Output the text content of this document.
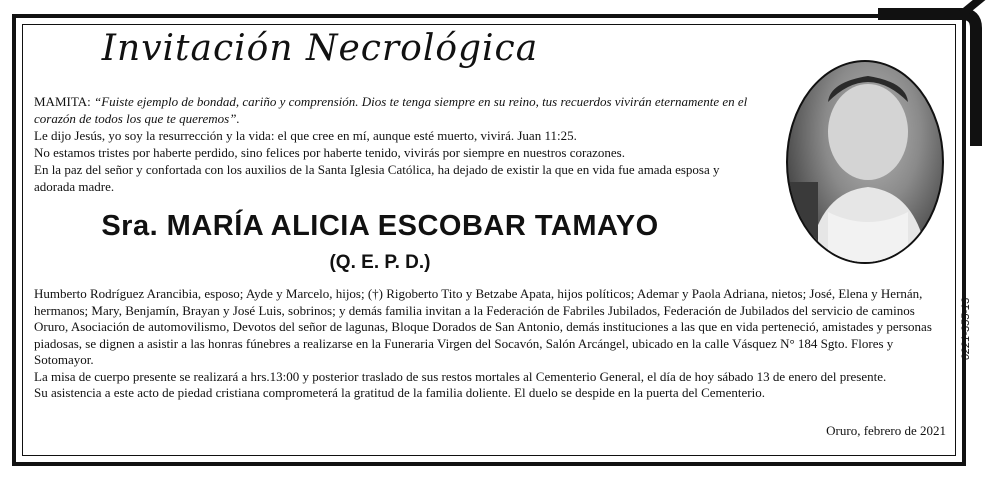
Invitación Necrológica

MAMITA: “Fuiste ejemplo de bondad, cariño y comprensión. Dios te tenga siempre en su reino, tus recuerdos vivirán eternamente en el corazón de todos los que te queremos”.

Le dijo Jesús, yo soy la resurrección y la vida: el que cree en mí, aunque esté muerto, vivirá. Juan 11:25.

No estamos tristes por haberte perdido, sino felices por haberte tenido, vivirás por siempre en nuestros corazones.

En la paz del señor y confortada con los auxilios de la Santa Iglesia Católica, ha dejado de existir la que en vida fue amada esposa y adorada madre.

Sra. MARÍA ALICIA ESCOBAR TAMAYO
(Q. E. P. D.)

Humberto Rodríguez Arancibia, esposo; Ayde y Marcelo, hijos; (†) Rigoberto Tito y Betzabe Apata, hijos políticos; Ademar y Paola Adriana, nietos; José, Elena y Hernán, hermanos; Mary, Benjamín, Brayan y José Luis, sobrinos; y demás familia invitan a la Federación de Fabriles Jubilados, Federación de Jubilados del servicio de caminos Oruro, Asociación de automovilismo, Devotos del señor de lagunas, Bloque Dorados de San Antonio, demás instituciones a las que en vida perteneció, amistades y personas piadosas, se dignen a asistir a las honras fúnebres a realizarse en la Funeraria Virgen del Socavón, Salón Arcángel, ubicado en la calle Vásquez N° 184 Sgto. Flores y Sotomayor.

La misa de cuerpo presente se realizará a hrs.13:00 y posterior traslado de sus restos mortales al Cementerio General, el día de hoy sábado 13 de enero del presente.

Su asistencia a este acto de piedad cristiana comprometerá la gratitud de la familia doliente. El duelo se despide en la puerta del Cementerio.

Oruro, febrero de 2021
0221-355-13
